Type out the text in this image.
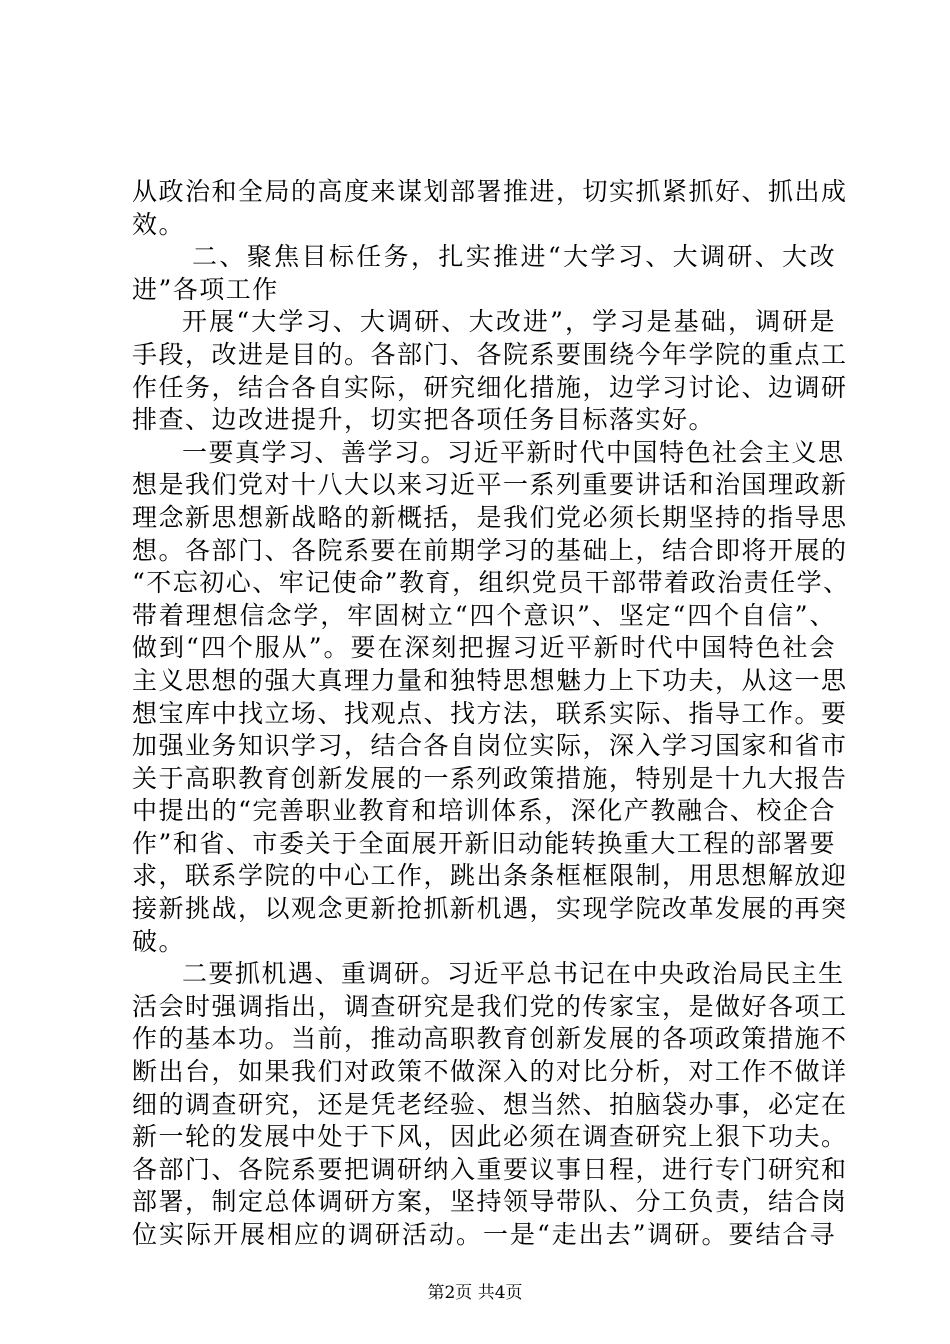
从政治和全局的高度来谋划部署推进，切实抓紧抓好、抓出成
效。
二、聚焦目标任务，扎实推进“大学习、大调研、大改
进”各项工作
开展“大学习、大调研、大改进”，学习是基础，调研是
手段，改进是目的。各部门、各院系要围绕今年学院的重点工
作任务，结合各自实际，研究细化措施，边学习讨论、边调研
排查、边改进提升，切实把各项任务目标落实好。
一要真学习、善学习。习近平新时代中国特色社会主义思
想是我们党对十八大以来习近平一系列重要讲话和治国理政新
理念新思想新战略的新概括，是我们党必须长期坚持的指导思
想。各部门、各院系要在前期学习的基础上，结合即将开展的
“不忘初心、牢记使命”教育，组织党员干部带着政治责任学、
带着理想信念学，牢固树立“四个意识”、坚定“四个自信”、
做到“四个服从”。要在深刻把握习近平新时代中国特色社会
主义思想的强大真理力量和独特思想魅力上下功夫，从这一思
想宝库中找立场、找观点、找方法，联系实际、指导工作。要
加强业务知识学习，结合各自岗位实际，深入学习国家和省市
关于高职教育创新发展的一系列政策措施，特别是十九大报告
中提出的“完善职业教育和培训体系，深化产教融合、校企合
作”和省、市委关于全面展开新旧动能转换重大工程的部署要
求，联系学院的中心工作，跳出条条框框限制，用思想解放迎
接新挑战，以观念更新抢抓新机遇，实现学院改革发展的再突
破。
二要抓机遇、重调研。习近平总书记在中央政治局民主生
活会时强调指出，调查研究是我们党的传家宝，是做好各项工
作的基本功。当前，推动高职教育创新发展的各项政策措施不
断出台，如果我们对政策不做深入的对比分析，对工作不做详
细的调查研究，还是凭老经验、想当然、拍脑袋办事，必定在
新一轮的发展中处于下风，因此必须在调查研究上狠下功夫。
各部门、各院系要把调研纳入重要议事日程，进行专门研究和
部署，制定总体调研方案，坚持领导带队、分工负责，结合岗
位实际开展相应的调研活动。一是“走出去”调研。要结合寻
第2页 共4页
